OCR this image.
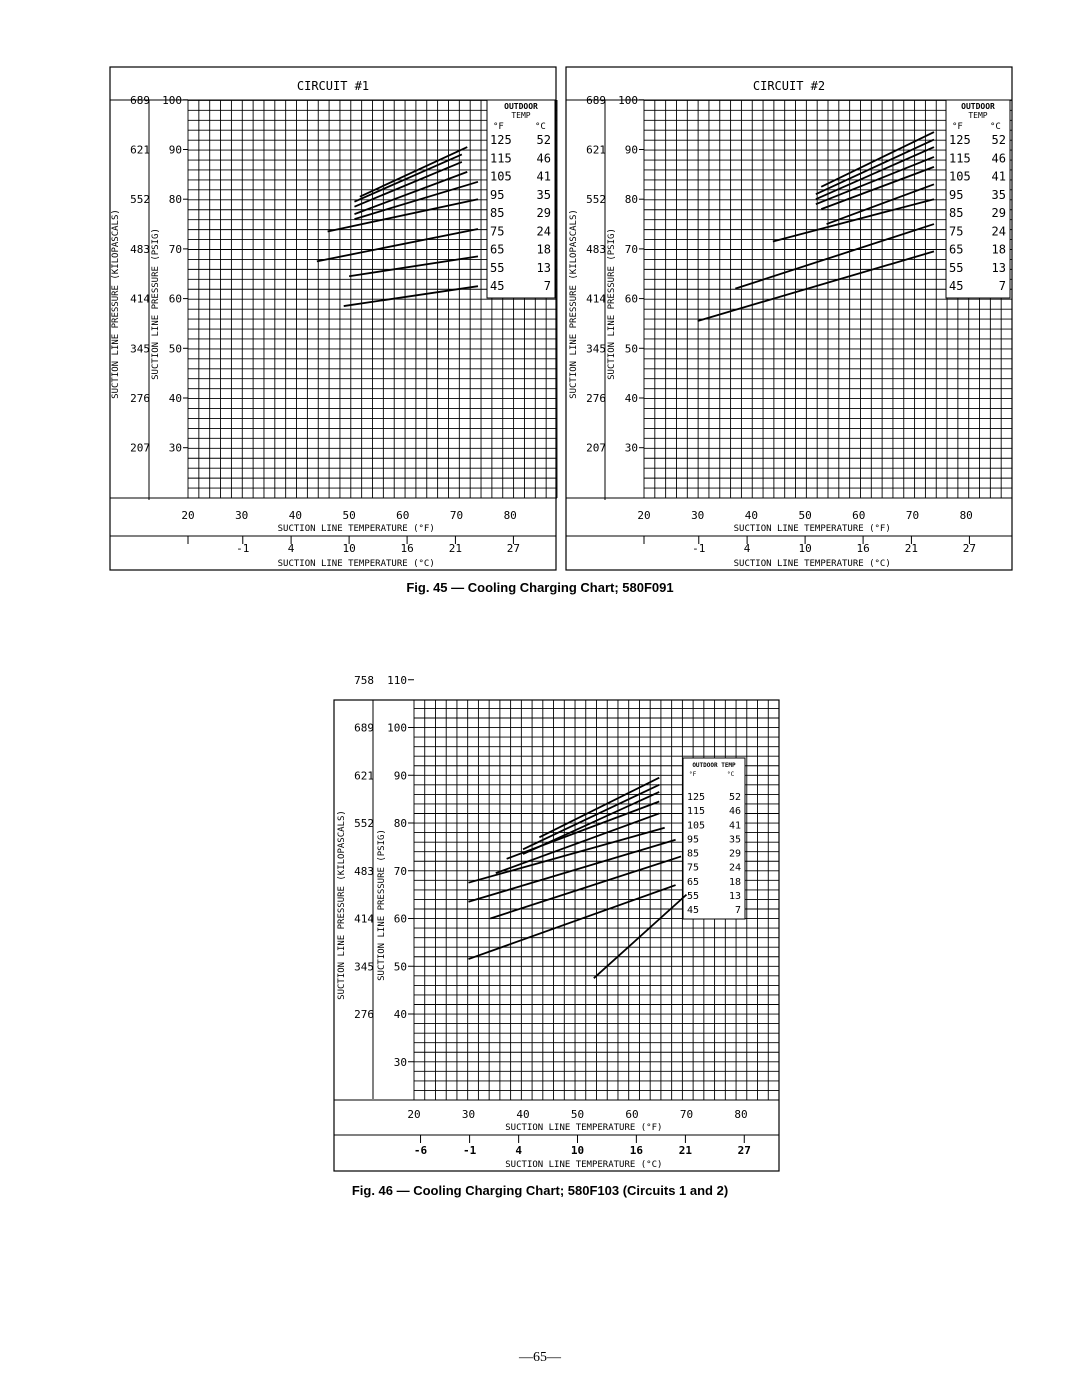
CIRCUIT #1
OUTDOOR
TEMP
°F	°C
SUCTION LINE PRESSURE (KILOPASCALS)	SUCTION LINE PRESSURE (PSIG)
100
689
90
621
80
552
70
483
60
414
50
345
40
276
30
207
20	30	40	50	60	70	80
SUCTION LINE TEMPERATURE (°F)
-1	4	10	16	21	27
SUCTION LINE TEMPERATURE (°C)
125 52
115 46
105 41
95	35
85	29
75	24
65	18
55	13
45	7
CIRCUIT #2
OUTDOOR
TEMP
°F	°C
SUCTION LINE PRESSURE (KILOPASCALS)	SUCTION LINE PRESSURE (PSIG)
100
689
90
621
80
552
70
483
60
414
50
345
40
276
30
207
20	30	40	50	60	70	80
SUCTION LINE TEMPERATURE (°F)
-1	4	10	16	21	27
SUCTION LINE TEMPERATURE (°C)
125 52
115 46
105 41
95 35
85 29
75 24
65 18
55 13
45	7
Fig. 45 — Cooling Charging Chart; 580F091
OUTDOOR TEMP
°F	°C
SUCTION LINE PRESSURE (KILOPASCALS)	SUCTION LINE PRESSURE (PSIG)
110
758
100
689
90
621
80
552
70
483
60
414
50
345
40
276
30
20	30	40	50	60	70	80
SUCTION LINE TEMPERATURE (°F)
-6	-1	4	10	16	21	27
SUCTION LINE TEMPERATURE (°C)
125 52
115 46
105 41
95	35
85	29
75	24
65	18
55	13
45	7
Fig. 46 — Cooling Charging Chart; 580F103 (Circuits 1 and 2)
—65—
